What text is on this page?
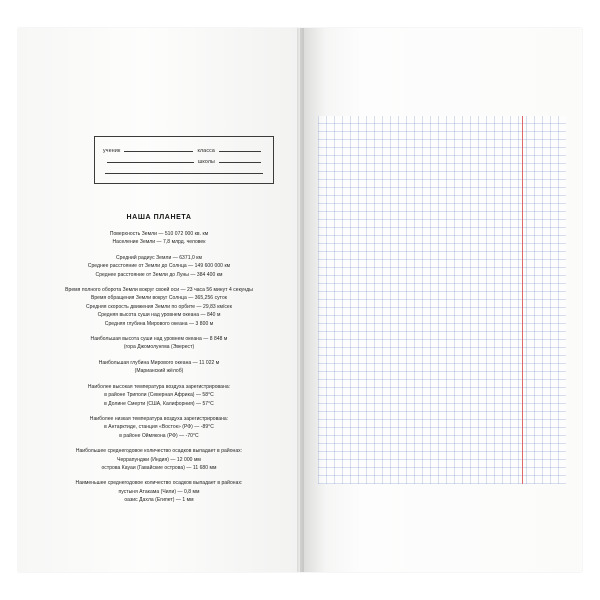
ученик	класса
школы
НАША ПЛАНЕТА
Поверхность Земли — 510 072 000 кв. км
Население Земли — 7,8 млрд. человек
Средний радиус Земли — 6371,0 км
Среднее расстояние от Земли до Солнца — 149 600 000 км
Среднее расстояние от Земли до Луны — 384 400 км
Время полного оборота Земли вокруг своей оси — 23 часа 56 минут 4 секунды
Время обращения Земли вокруг Солнца — 365,256 суток
Средняя скорость движения Земли по орбите — 29,83 км/сек
Средняя высота суши над уровнем океана — 840 м
Средняя глубина Мирового океана — 3 800 м
Наибольшая высота суши над уровнем океана — 8 848 м
(гора Джомолунгма (Эверест)
Наибольшая глубина Мирового океана — 11 022 м
(Марианский жёлоб)
Наиболее высокая температура воздуха зарегистрирована:
в районе Триполи (Северная Африка) — 58°С
в Долине Смерти (США, Калифорния) — 57°С
Наиболее низкая температура воздуха зарегистрирована:
в Антарктиде, станция «Восток» (РФ) — -89°С
в районе Оймякона (РФ) — -70°С
Наибольшее среднегодовое количество осадков выпадает в районах:
Черрапунджи (Индия) — 12 000 мм
острова Кауаи (Гавайские острова) — 11 680 мм
Наименьшее среднегодовое количество осадков выпадает в районах:
пустыня Атакама (Чили) — 0,8 мм
оазис Дахла (Египет) — 1 мм
